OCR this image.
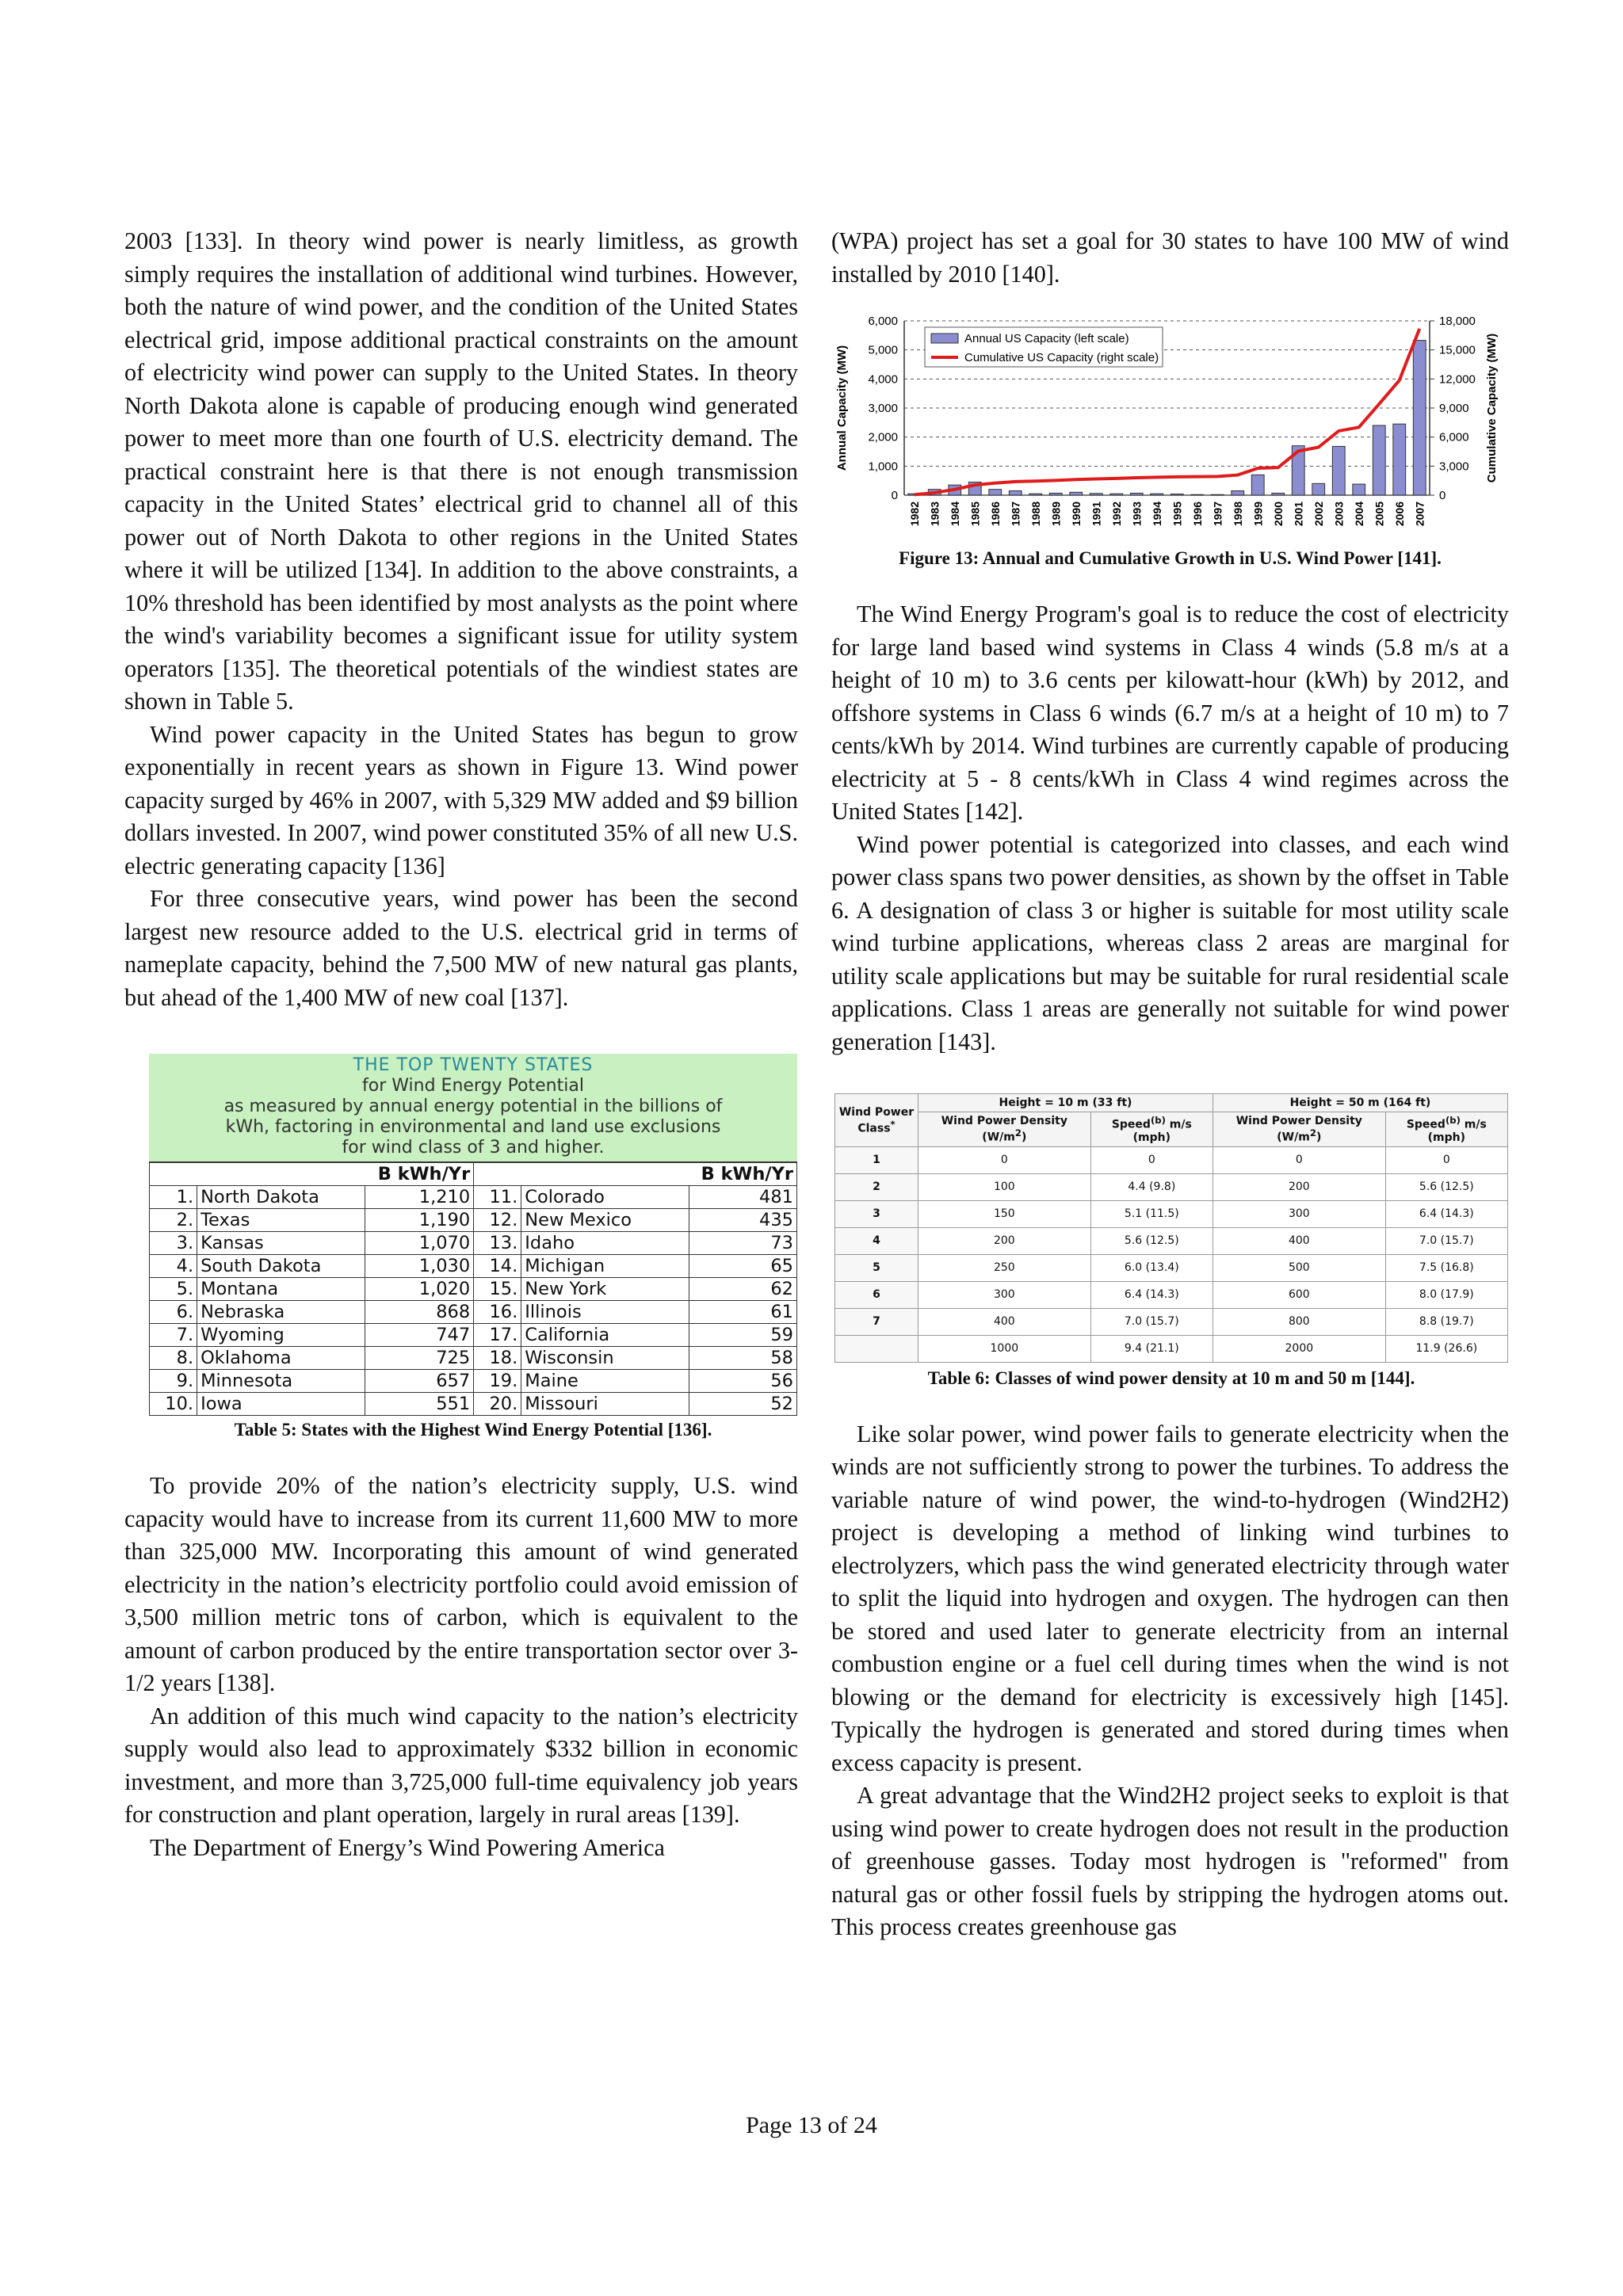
2003 [133]. In theory wind power is nearly limitless, as growth simply requires the installation of additional wind turbines. However, both the nature of wind power, and the condition of the United States electrical grid, impose additional practical constraints on the amount of electricity wind power can supply to the United States. In theory North Dakota alone is capable of producing enough wind generated power to meet more than one fourth of U.S. electricity demand. The practical constraint here is that there is not enough transmission capacity in the United States’ electrical grid to channel all of this power out of North Dakota to other regions in the United States where it will be utilized [134]. In addition to the above constraints, a 10% threshold has been identified by most analysts as the point where the wind's variability becomes a significant issue for utility system operators [135]. The theoretical potentials of the windiest states are shown in Table 5.

Wind power capacity in the United States has begun to grow exponentially in recent years as shown in Figure 13. Wind power capacity surged by 46% in 2007, with 5,329 MW added and $9 billion dollars invested. In 2007, wind power constituted 35% of all new U.S. electric generating capacity [136]

For three consecutive years, wind power has been the second largest new resource added to the U.S. electrical grid in terms of nameplate capacity, behind the 7,500 MW of new natural gas plants, but ahead of the 1,400 MW of new coal [137].

THE TOP TWENTY STATES
for Wind Energy Potential
as measured by annual energy potential in the billions of
kWh, factoring in environmental and land use exclusions
for wind class of 3 and higher.
B kWh/Yr			B kWh/Yr		
1.	North Dakota	1,210	11.	Colorado	481
2.	Texas	1,190	12.	New Mexico	435
3.	Kansas	1,070	13.	Idaho	73
4.	South Dakota	1,030	14.	Michigan	65
5.	Montana	1,020	15.	New York	62
6.	Nebraska	868	16.	Illinois	61
7.	Wyoming	747	17.	California	59
8.	Oklahoma	725	18.	Wisconsin	58
9.	Minnesota	657	19.	Maine	56
10.	Iowa	551	20.	Missouri	52

Table 5: States with the Highest Wind Energy Potential [136].

To provide 20% of the nation’s electricity supply, U.S. wind capacity would have to increase from its current 11,600 MW to more than 325,000 MW. Incorporating this amount of wind generated electricity in the nation’s electricity portfolio could avoid emission of 3,500 million metric tons of carbon, which is equivalent to the amount of carbon produced by the entire transportation sector over 3-1/2 years [138].

An addition of this much wind capacity to the nation’s electricity supply would also lead to approximately $332 billion in economic investment, and more than 3,725,000 full-time equivalency job years for construction and plant operation, largely in rural areas [139].

The Department of Energy’s Wind Powering America

(WPA) project has set a goal for 30 states to have 100 MW of wind installed by 2010 [140].

0
1,000
2,000
3,000
4,000
5,000
6,000
0
3,000
6,000
9,000
12,000
15,000
18,000
1982 1983 1984 1985 1986 1987 1988 1989 1990 1991 1992 1993 1994 1995 1996 1997 1998 1999 2000 2001 2002 2003 2004 2005 2006 2007
Annual Capacity (MW)	Cumulative Capacity (MW)
Annual US Capacity (left scale)
Cumulative US Capacity (right scale)

Figure 13: Annual and Cumulative Growth in U.S. Wind Power [141].

The Wind Energy Program's goal is to reduce the cost of electricity for large land based wind systems in Class 4 winds (5.8 m/s at a height of 10 m) to 3.6 cents per kilowatt-hour (kWh) by 2012, and offshore systems in Class 6 winds (6.7 m/s at a height of 10 m) to 7 cents/kWh by 2014. Wind turbines are currently capable of producing electricity at 5 - 8 cents/kWh in Class 4 wind regimes across the United States [142].

Wind power potential is categorized into classes, and each wind power class spans two power densities, as shown by the offset in Table 6. A designation of class 3 or higher is suitable for most utility scale wind turbine applications, whereas class 2 areas are marginal for utility scale applications but may be suitable for rural residential scale applications. Class 1 areas are generally not suitable for wind power generation [143].

Wind Power Class*	Height = 10 m (33 ft)		Height = 50 m (164 ft)	
	Wind Power Density $(W/m^2)$	Speed$^{(b)}$ m/s (mph)	Wind Power Density $(W/m^2)$	Speed$^{(b)}$ m/s (mph)
1	0	0	0	0
2	100	4.4 (9.8)	200	5.6 (12.5)
3	150	5.1 (11.5)	300	6.4 (14.3)
4	200	5.6 (12.5)	400	7.0 (15.7)
5	250	6.0 (13.4)	500	7.5 (16.8)
6	300	6.4 (14.3)	600	8.0 (17.9)
7	400	7.0 (15.7)	800	8.8 (19.7)
	1000	9.4 (21.1)	2000	11.9 (26.6)

Table 6: Classes of wind power density at 10 m and 50 m [144].

Like solar power, wind power fails to generate electricity when the winds are not sufficiently strong to power the turbines. To address the variable nature of wind power, the wind-to-hydrogen (Wind2H2) project is developing a method of linking wind turbines to electrolyzers, which pass the wind generated electricity through water to split the liquid into hydrogen and oxygen. The hydrogen can then be stored and used later to generate electricity from an internal combustion engine or a fuel cell during times when the wind is not blowing or the demand for electricity is excessively high [145]. Typically the hydrogen is generated and stored during times when excess capacity is present.

A great advantage that the Wind2H2 project seeks to exploit is that using wind power to create hydrogen does not result in the production of greenhouse gasses. Today most hydrogen is "reformed" from natural gas or other fossil fuels by stripping the hydrogen atoms out. This process creates greenhouse gas

Page 13 of 24
